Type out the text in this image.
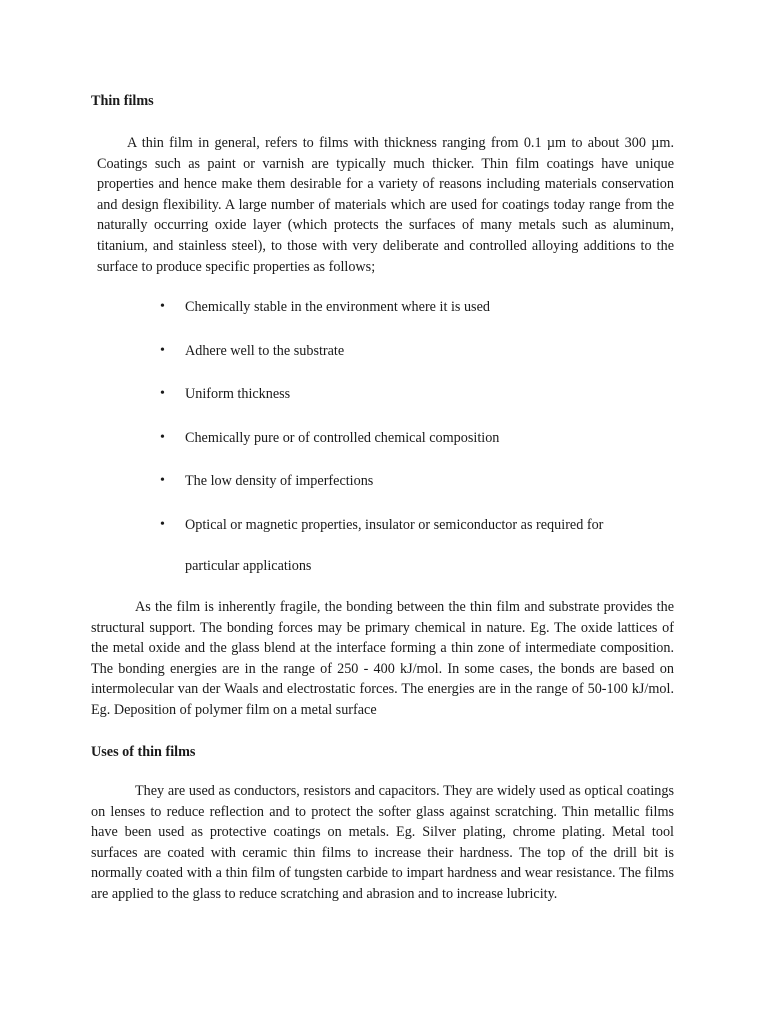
Thin films

A thin film in general, refers to films with thickness ranging from 0.1 µm to about 300 µm. Coatings such as paint or varnish are typically much thicker. Thin film coatings have unique properties and hence make them desirable for a variety of reasons including materials conservation and design flexibility. A large number of materials which are used for coatings today range from the naturally occurring oxide layer (which protects the surfaces of many metals such as aluminum, titanium, and stainless steel), to those with very deliberate and controlled alloying additions to the surface to produce specific properties as follows;

• Chemically stable in the environment where it is used
• Adhere well to the substrate
• Uniform thickness
• Chemically pure or of controlled chemical composition
• The low density of imperfections
• Optical or magnetic properties, insulator or semiconductor as required for
particular applications

As the film is inherently fragile, the bonding between the thin film and substrate provides the structural support. The bonding forces may be primary chemical in nature. Eg. The oxide lattices of the metal oxide and the glass blend at the interface forming a thin zone of intermediate composition. The bonding energies are in the range of 250 - 400 kJ/mol. In some cases, the bonds are based on intermolecular van der Waals and electrostatic forces. The energies are in the range of 50-100 kJ/mol. Eg. Deposition of polymer film on a metal surface

Uses of thin films

They are used as conductors, resistors and capacitors. They are widely used as optical coatings on lenses to reduce reflection and to protect the softer glass against scratching. Thin metallic films have been used as protective coatings on metals. Eg. Silver plating, chrome plating. Metal tool surfaces are coated with ceramic thin films to increase their hardness. The top of the drill bit is normally coated with a thin film of tungsten carbide to impart hardness and wear resistance. The films are applied to the glass to reduce scratching and abrasion and to increase lubricity.
